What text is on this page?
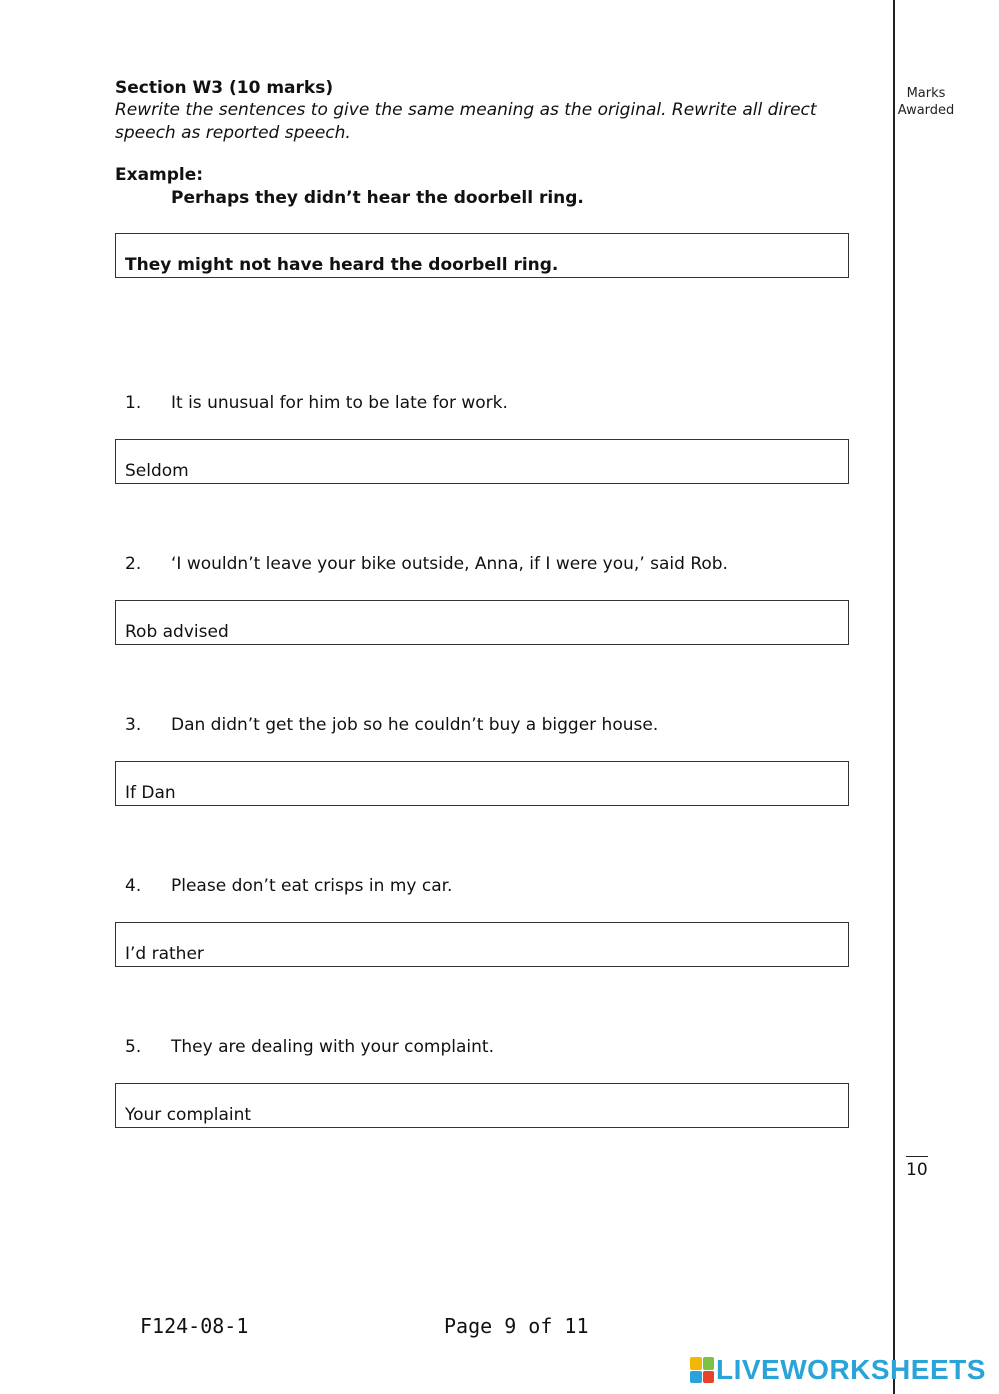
Marks
Awarded
Section W3 (10 marks)
Rewrite the sentences to give the same meaning as the original. Rewrite all direct speech as reported speech.
Example:
Perhaps they didn’t hear the doorbell ring.
They might not have heard the doorbell ring.
1. It is unusual for him to be late for work.
Seldom
2. ‘I wouldn’t leave your bike outside, Anna, if I were you,’ said Rob.
Rob advised
3. Dan didn’t get the job so he couldn’t buy a bigger house.
If Dan
4. Please don’t eat crisps in my car.
I’d rather
5. They are dealing with your complaint.
Your complaint
10
F124-08-1	Page 9 of 11
LIVEWORKSHEETS
